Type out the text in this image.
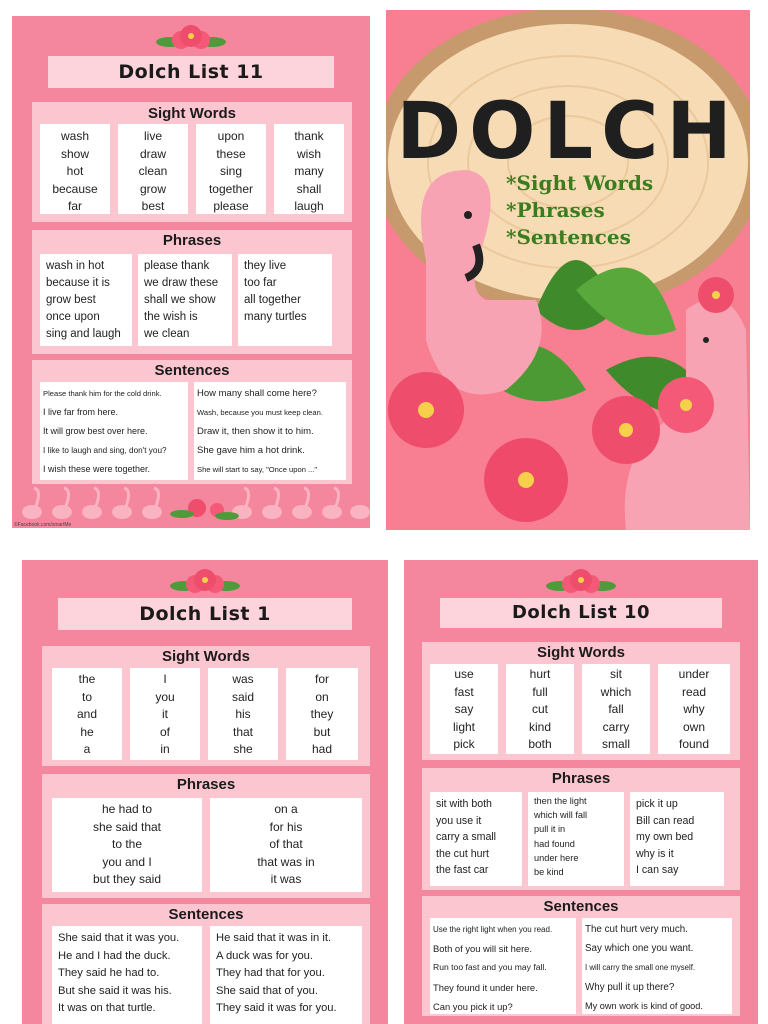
Dolch List 11
Sight Words
wash
show
hot
because
far
live
draw
clean
grow
best
upon
these
sing
together
please
thank
wish
many
shall
laugh
Phrases
wash in hot
because it is
grow best
once upon
sing and laugh
please thank
we draw these
shall we show
the wish is
we clean
they live
too far
all together
many turtles
Sentences
Please thank him for the cold drink.
I live far from here.
It will grow best over here.
I like to laugh and sing, don't you?
I wish these were together.
How many shall come here?
Wash, because you must keep clean.
Draw it, then show it to him.
She gave him a hot drink.
She will start to say, "Once upon ..."
©Facebook.com/smartMe
DOLCH
*Sight Words
*Phrases
*Sentences
Dolch List 1
Sight Words
the
to
and
he
a
I
you
it
of
in
was
said
his
that
she
for
on
they
but
had
Phrases
he had to
she said that
to the
you and I
but they said
on a
for his
of that
that was in
it was
Sentences
She said that it was you.
He and I had the duck.
They said he had to.
But she said it was his.
It was on that turtle.
He said that it was in it.
A duck was for you.
They had that for you.
She said that of you.
They said it was for you.
Dolch List 10
Sight Words
use
fast
say
light
pick
hurt
full
cut
kind
both
sit
which
fall
carry
small
under
read
why
own
found
Phrases
sit with both
you use it
carry a small
the cut hurt
the fast car
then the light
which will fall
pull it in
had found
under here
be kind
pick it up
Bill can read
my own bed
why is it
I can say
Sentences
Use the right light when you read.
Both of you will sit here.
Run too fast and you may fall.
They found it under here.
Can you pick it up?
The cut hurt very much.
Say which one you want.
I will carry the small one myself.
Why pull it up there?
My own work is kind of good.
